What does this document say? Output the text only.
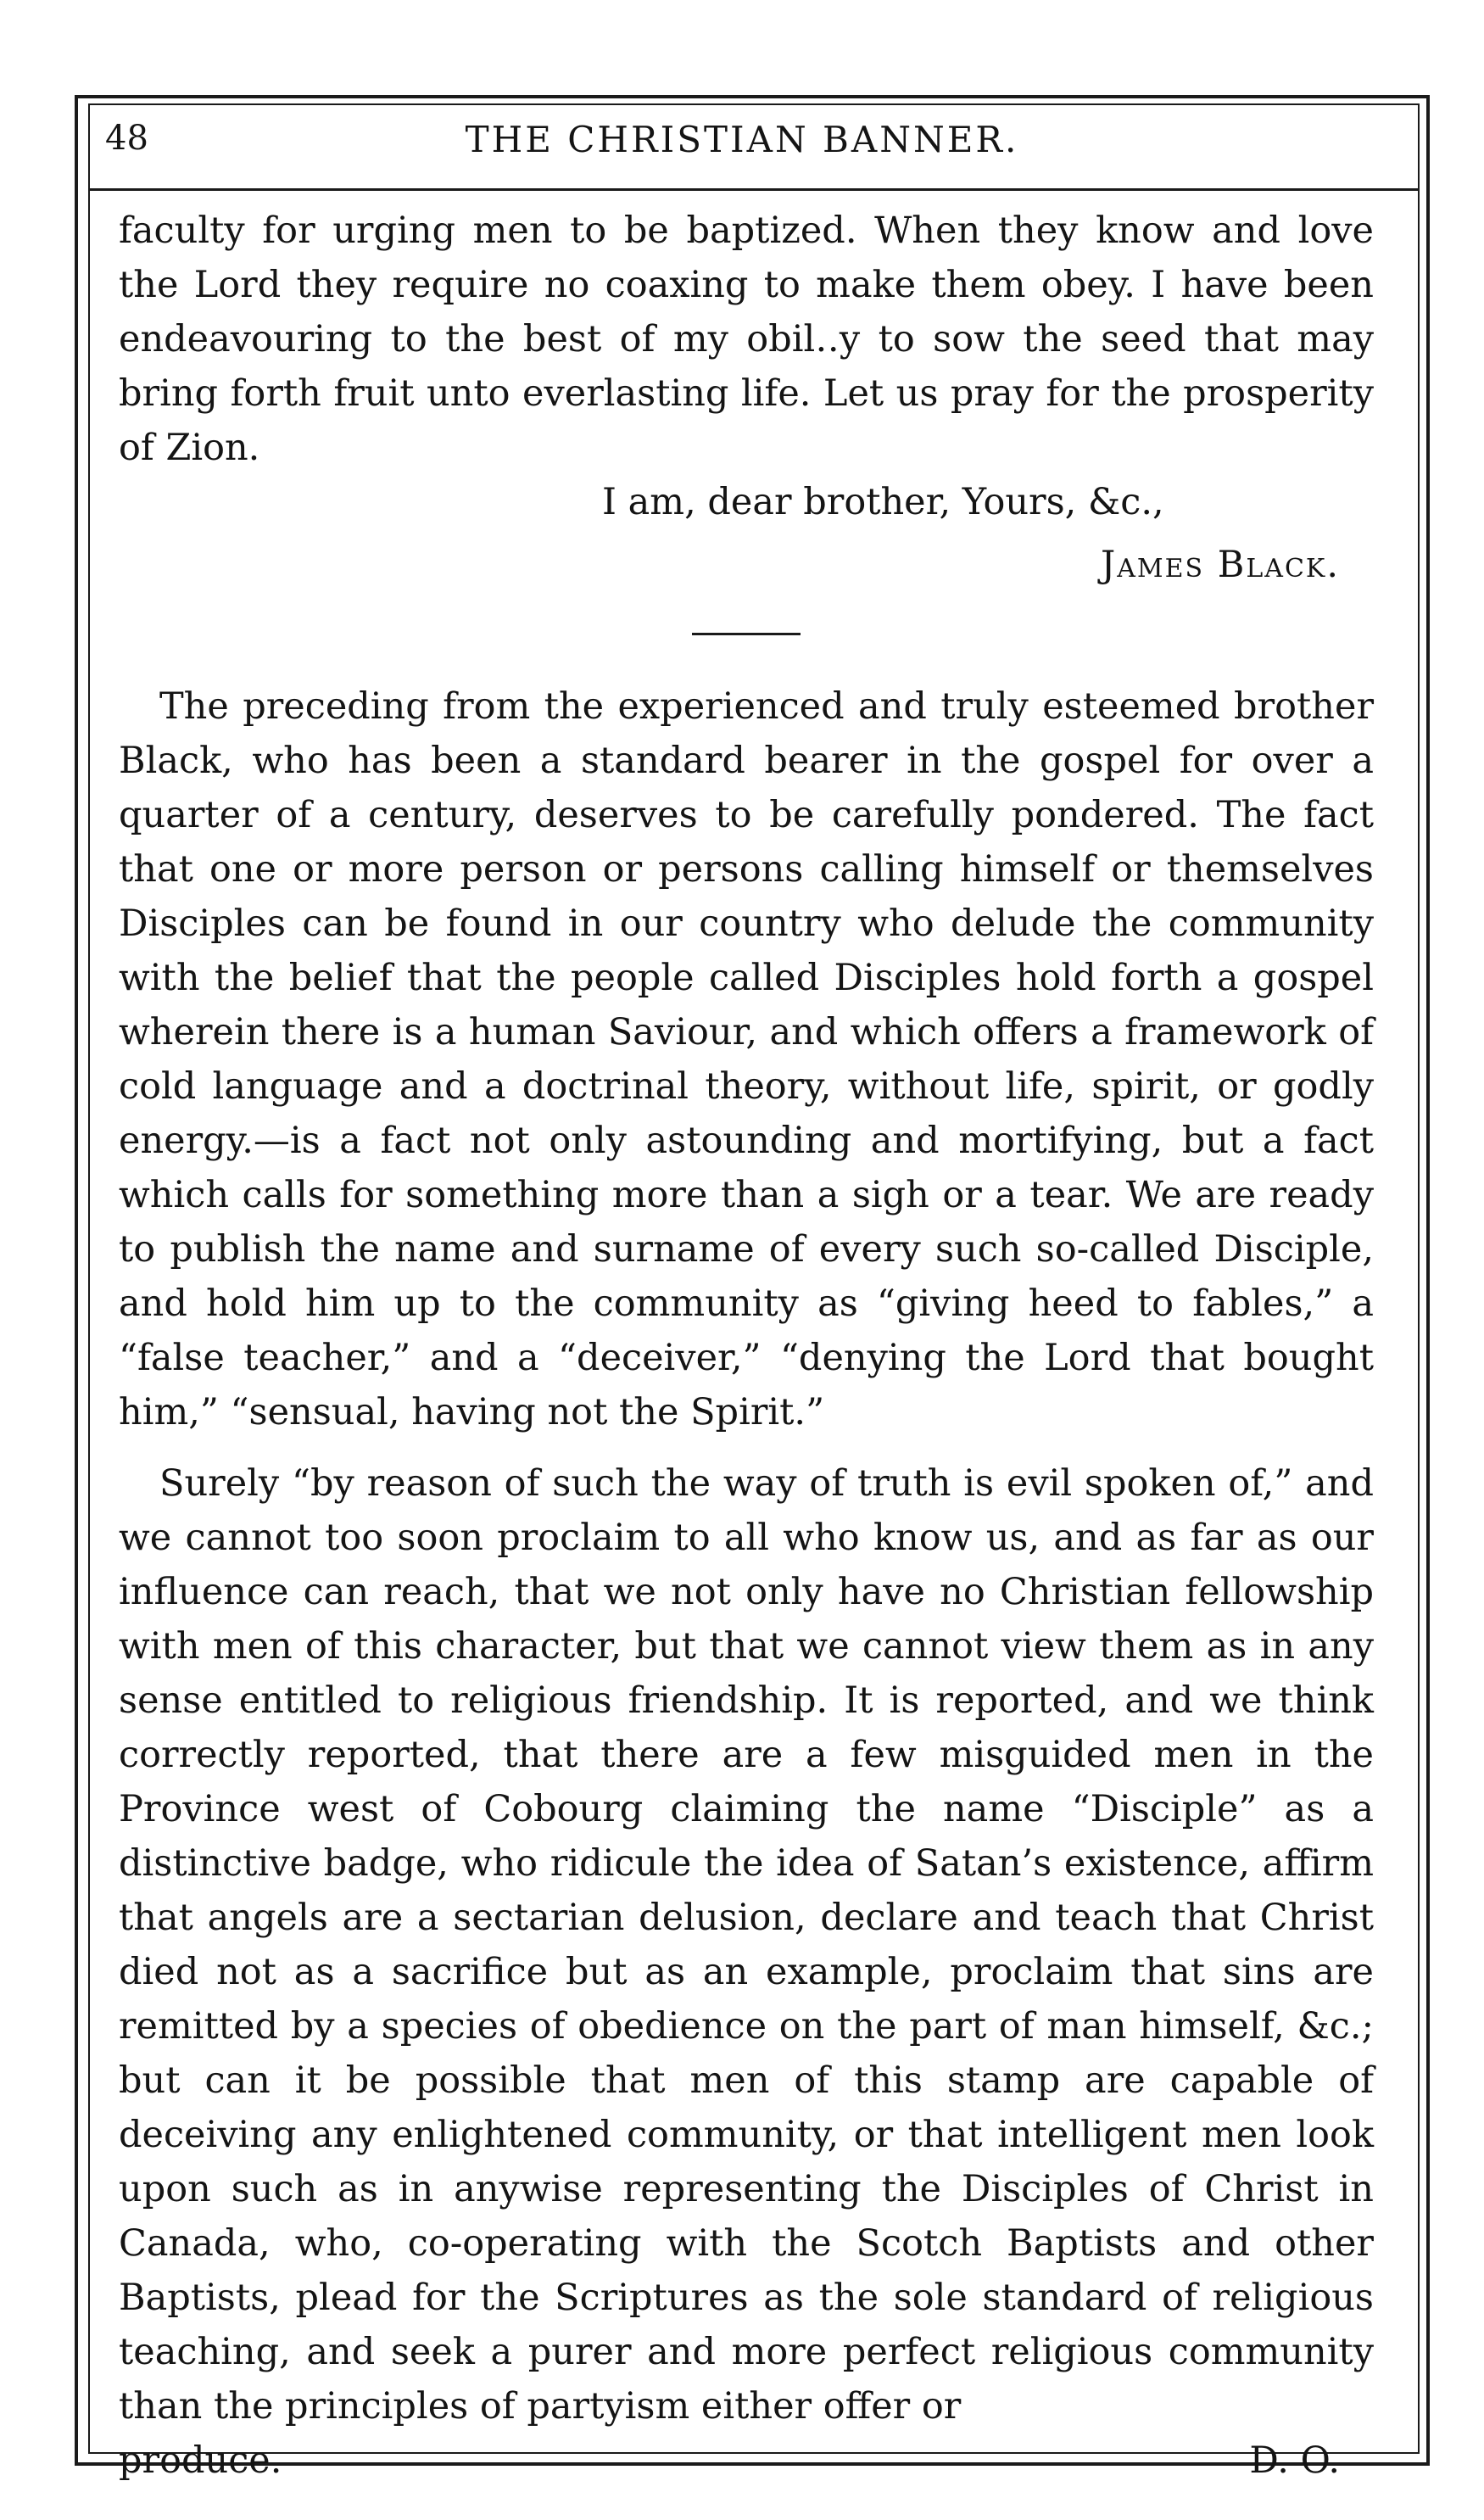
48	THE CHRISTIAN BANNER.

faculty for urging men to be baptized. When they know and love the Lord they require no coaxing to make them obey. I have been endeavouring to the best of my obil‥y to sow the seed that may bring forth fruit unto everlasting life. Let us pray for the prosperity of Zion.

I am, dear brother, Yours, &c.,

James Black.

The preceding from the experienced and truly esteemed brother Black, who has been a standard bearer in the gospel for over a quarter of a century, deserves to be carefully pondered. The fact that one or more person or persons calling himself or themselves Disciples can be found in our country who delude the community with the belief that the people called Disciples hold forth a gospel wherein there is a human Saviour, and which offers a framework of cold language and a doctrinal theory, without life, spirit, or godly energy.—is a fact not only astounding and mortifying, but a fact which calls for something more than a sigh or a tear. We are ready to publish the name and surname of every such so-called Disciple, and hold him up to the community as “giving heed to fables,” a “false teacher,” and a “deceiver,” “denying the Lord that bought him,” “sensual, having not the Spirit.”

Surely “by reason of such the way of truth is evil spoken of,” and we cannot too soon proclaim to all who know us, and as far as our influence can reach, that we not only have no Christian fellowship with men of this character, but that we cannot view them as in any sense entitled to religious friendship. It is reported, and we think correctly reported, that there are a few misguided men in the Province west of Cobourg claiming the name “Disciple” as a distinctive badge, who ridicule the idea of Satan’s existence, affirm that angels are a sectarian delusion, declare and teach that Christ died not as a sacrifice but as an example, proclaim that sins are remitted by a species of obedience on the part of man himself, &c.; but can it be possible that men of this stamp are capable of deceiving any enlightened community, or that intelligent men look upon such as in anywise representing the Disciples of Christ in Canada, who, co-operating with the Scotch Baptists and other Baptists, plead for the Scriptures as the sole standard of religious teaching, and seek a purer and more perfect religious community than the principles of partyism either offer or

produce.	D. O.
